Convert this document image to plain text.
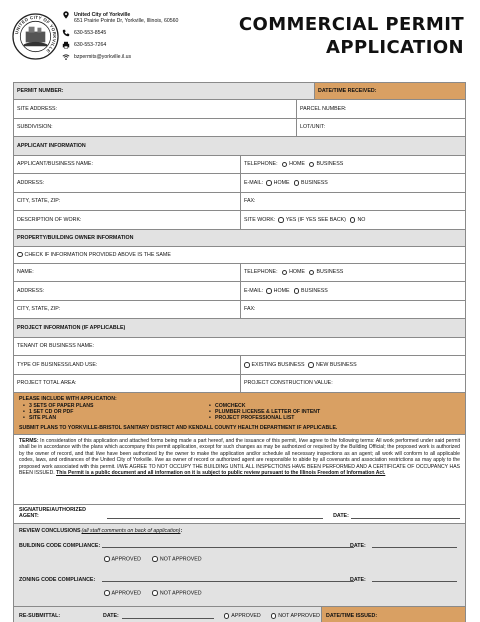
UNITED CITY OF YORKVILLE
United City of Yorkville
651 Prairie Pointe Dr, Yorkville, Illinois, 60560
630-553-8545
630-553-7264
bzpermits@yorkville.il.us
COMMERCIAL PERMIT
APPLICATION
PERMIT NUMBER:	DATE/TIME RECEIVED:
SITE ADDRESS:	PARCEL NUMBER:
SUBDIVISION:	LOT/UNIT:
APPLICANT INFORMATION
APPLICANT/BUSINESS NAME:	TELEPHONE: HOME BUSINESS
ADDRESS:	E-MAIL: HOME BUSINESS
CITY, STATE, ZIP:	FAX:
DESCRIPTION OF WORK:	SITE WORK: YES (IF YES SEE BACK) NO
PROPERTY/BUILDING OWNER INFORMATION
CHECK IF INFORMATION PROVIDED ABOVE IS THE SAME
NAME:	TELEPHONE: HOME BUSINESS
ADDRESS:	E-MAIL: HOME BUSINESS
CITY, STATE, ZIP:	FAX:
PROJECT INFORMATION (IF APPLICABLE)
TENANT OR BUSINESS NAME:
TYPE OF BUSINESS/LAND USE:	EXISTING BUSINESS NEW BUSINESS
PROJECT TOTAL AREA:	PROJECT CONSTRUCTION VALUE:
PLEASE INCLUDE WITH APPLICATION:
• 3 SETS OF PAPER PLANS
• 1 SET CD OR PDF
• SITE PLAN
• COMCHECK
• PLUMBER LICENSE & LETTER OF INTENT
• PROJECT PROFESSIONAL LIST
SUBMIT PLANS TO YORKVILLE-BRISTOL SANITARY DISTRICT AND KENDALL COUNTY HEALTH DEPARTMENT IF APPLICABLE.
TERMS: In consideration of this application and attached forms being made a part hereof, and the issuance of this permit, I/we agree to the following terms: All work performed under said permit shall be in accordance with the plans which accompany this permit application, except for such changes as may be authorized or required by the Building Official; the proposed work is authorized by the owner of record, and that I/we have been authorized by the owner to make the application and/or schedule all necessary inspections as an agent; all work will conform to all applicable codes, laws, and ordinances of the United City of Yorkville. I/we as owner of record or authorized agent are responsible to abide by all covenants and association restrictions as may apply to the proposed work associated with this permit. I/WE AGREE TO NOT OCCUPY THE BUILDING UNTIL ALL INSPECTIONS HAVE BEEN PERFORMED AND A CERTIFICATE OF OCCUPANCY HAS BEEN ISSUED. This Permit is a public document and all information on it is subject to public review pursuant to the Illinois Freedom of Information Act.
SIGNATURE/AUTHORIZED AGENT:	DATE:
REVIEW CONCLUSIONS (all staff comments on back of application) :
BUILDING CODE COMPLIANCE:	DATE:
APPROVED	NOT APPROVED
ZONING CODE COMPLIANCE:	DATE:
APPROVED	NOT APPROVED
RE-SUBMITTAL:	DATE:	APPROVED	NOT APPROVED	DATE/TIME ISSUED:
